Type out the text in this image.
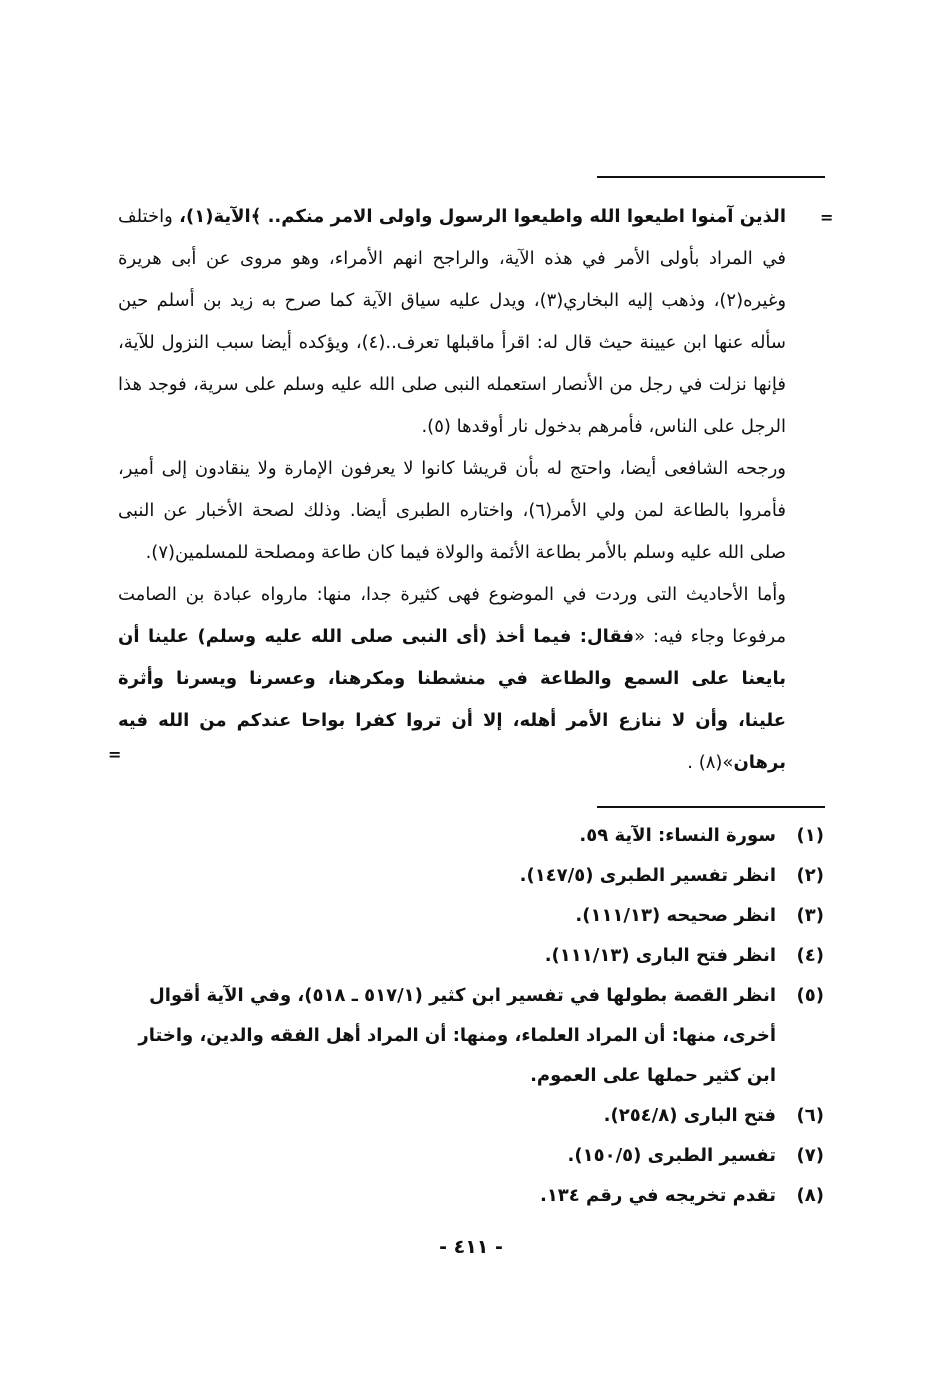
=

الذين آمنوا اطيعوا الله واطيعوا الرسول واولى الامر منكم.. ﴾الآية(١)، واختلف في المراد بأولى الأمر في هذه الآية، والراجح انهم الأمراء، وهو مروى عن أبى هريرة وغيره(٢)، وذهب إليه البخاري(٣)، ويدل عليه سياق الآية كما صرح به زيد بن أسلم حين سأله عنها ابن عيينة حيث قال له: اقرأ ماقبلها تعرف..(٤)، ويؤكده أيضا سبب النزول للآية، فإنها نزلت في رجل من الأنصار استعمله النبى صلى الله عليه وسلم على سرية، فوجد هذا الرجل على الناس، فأمرهم بدخول نار أوقدها (٥).

ورجحه الشافعى أيضا، واحتج له بأن قريشا كانوا لا يعرفون الإمارة ولا ينقادون إلى أمير، فأمروا بالطاعة لمن ولي الأمر(٦)، واختاره الطبرى أيضا. وذلك لصحة الأخبار عن النبى صلى الله عليه وسلم بالأمر بطاعة الأئمة والولاة فيما كان طاعة ومصلحة للمسلمين(٧).

وأما الأحاديث التى وردت في الموضوع فهى كثيرة جدا، منها: مارواه عبادة بن الصامت مرفوعا وجاء فيه: «فقال: فيما أخذ (أى النبى صلى الله عليه وسلم) علينا أن بايعنا على السمع والطاعة في منشطنا ومكرهنا، وعسرنا ويسرنا وأثرة علينا، وأن لا ننازع الأمر أهله، إلا أن تروا كفرا بواحا عندكم من الله فيه برهان»(٨) .

=
(١)
سورة النساء: الآية ٥٩.
(٢)
انظر تفسير الطبرى (١٤٧/٥).
(٣)
انظر صحيحه (١١١/١٣).
(٤)
انظر فتح البارى (١١١/١٣).
(٥)
انظر القصة بطولها في تفسير ابن كثير (٥١٧/١ ـ ٥١٨)، وفي الآية أقوال أخرى، منها: أن المراد العلماء، ومنها: أن المراد أهل الفقه والدين، واختار ابن كثير حملها على العموم.
(٦)
فتح البارى (٢٥٤/٨).
(٧)
تفسير الطبرى (١٥٠/٥).
(٨)
تقدم تخريجه في رقم ١٣٤.
- ٤١١ -
